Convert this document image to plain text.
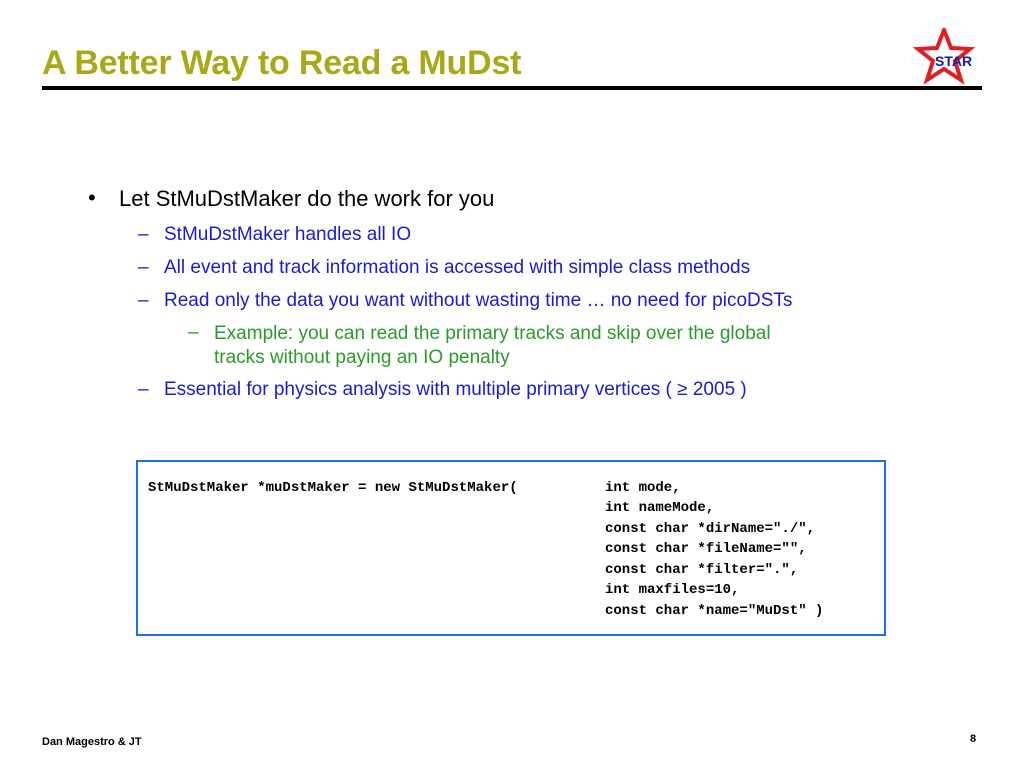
A Better Way to Read a MuDst	STAR
• Let StMuDstMaker do the work for you
– StMuDstMaker handles all IO
– All event and track information is accessed with simple class methods
– Read only the data you want without wasting time … no need for picoDSTs
– Example: you can read the primary tracks and skip over the global
tracks without paying an IO penalty
– Essential for physics analysis with multiple primary vertices ( ≥ 2005 )
StMuDstMaker *muDstMaker = new StMuDstMaker(	int mode,
int nameMode,
const char *dirName="./",
const char *fileName="",
const char *filter=".",
int maxfiles=10,
const char *name="MuDst" )
Dan Magestro & JT	8
